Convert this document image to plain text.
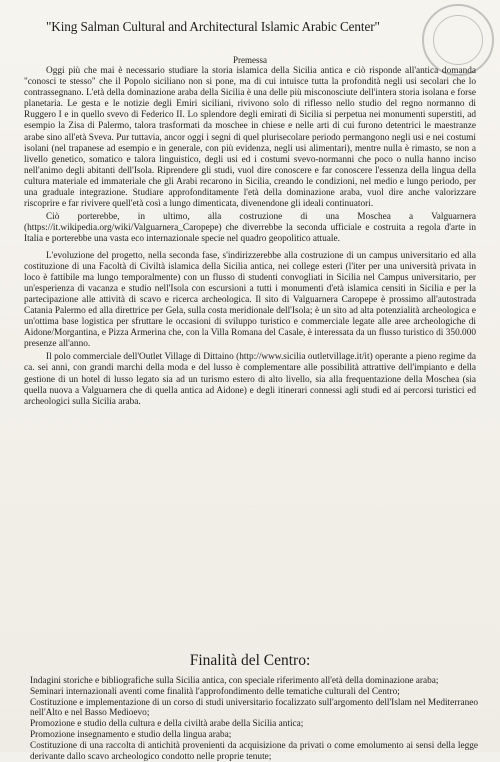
"King Salman Cultural and Architectural Islamic Arabic Center"
Premessa

Oggi più che mai è necessario studiare la storia islamica della Sicilia antica e ciò risponde all'antica domanda "conosci te stesso" che il Popolo siciliano non si pone, ma di cui intuisce tutta la profondità negli usi secolari che lo contrassegnano. L'età della dominazione araba della Sicilia è una delle più misconosciute dell'intera storia isolana e forse planetaria. Le gesta e le notizie degli Emiri siciliani, rivivono solo di riflesso nello studio del regno normanno di Ruggero I e in quello svevo di Federico II. Lo splendore degli emirati di Sicilia si perpetua nei monumenti superstiti, ad esempio la Zisa di Palermo, talora trasformati da moschee in chiese e nelle arti di cui furono detentrici le maestranze arabe sino all'età Sveva. Pur tuttavia, ancor oggi i segni di quel plurisecolare periodo permangono negli usi e nei costumi isolani (nel trapanese ad esempio e in generale, con più evidenza, negli usi alimentari), mentre nulla è rimasto, se non a livello genetico, somatico e talora linguistico, degli usi ed i costumi svevo-normanni che poco o nulla hanno inciso nell'animo degli abitanti dell'Isola. Riprendere gli studi, vuol dire conoscere e far conoscere l'essenza della lingua della cultura materiale ed immateriale che gli Arabi recarono in Sicilia, creando le condizioni, nel medio e lungo periodo, per una graduale integrazione. Studiare approfonditamente l'età della dominazione araba, vuol dire anche valorizzare riscoprire e far rivivere quell'età così a lungo dimenticata, divenendone gli ideali continuatori.

Ciò porterebbe, in ultimo, alla costruzione di una Moschea a Valguarnera (https://it.wikipedia.org/wiki/Valguarnera_Caropepe) che diverrebbe la seconda ufficiale e costruita a regola d'arte in Italia e porterebbe una vasta eco internazionale specie nel quadro geopolitico attuale.

L'evoluzione del progetto, nella seconda fase, s'indirizzerebbe alla costruzione di un campus universitario ed alla costituzione di una Facoltà di Civiltà islamica della Sicilia antica, nei college esteri (l'iter per una università privata in loco è fattibile ma lungo temporalmente) con un flusso di studenti convogliati in Sicilia nel Campus universitario, per un'esperienza di vacanza e studio nell'Isola con escursioni a tutti i monumenti d'età islamica censiti in Sicilia e per la partecipazione alle attività di scavo e ricerca archeologica. Il sito di Valguarnera Caropepe è prossimo all'autostrada Catania Palermo ed alla direttrice per Gela, sulla costa meridionale dell'Isola; è un sito ad alta potenzialità archeologica e un'ottima base logistica per sfruttare le occasioni di sviluppo turistico e commerciale legate alle aree archeologiche di Aidone/Morgantina, e Pizza Armerina che, con la Villa Romana del Casale, è interessata da un flusso turistico di 350.000 presenze all'anno.

Il polo commerciale dell'Outlet Village di Dittaino (http://www.sicilia outletvillage.it/it) operante a pieno regime da ca. sei anni, con grandi marchi della moda e del lusso è complementare alle possibilità attrattive dell'impianto e della gestione di un hotel di lusso legato sia ad un turismo estero di alto livello, sia alla frequentazione della Moschea (sia quella nuova a Valguarnera che di quella antica ad Aidone) e degli itinerari connessi agli studi ed ai percorsi turistici ed archeologici sulla Sicilia araba.

Finalità del Centro:
Indagini storiche e bibliografiche sulla Sicilia antica, con speciale riferimento all'età della dominazione araba;
Seminari internazionali aventi come finalità l'approfondimento delle tematiche culturali del Centro;
Costituzione e implementazione di un corso di studi universitario focalizzato sull'argomento dell'Islam nel Mediterraneo nell'Alto e nel Basso Medioevo;
Promozione e studio della cultura e della civiltà arabe della Sicilia antica;
Promozione insegnamento e studio della lingua araba;
Costituzione di una raccolta di antichità provenienti da acquisizione da privati o come emolumento ai sensi della legge derivante dallo scavo archeologico condotto nelle proprie tenute;
